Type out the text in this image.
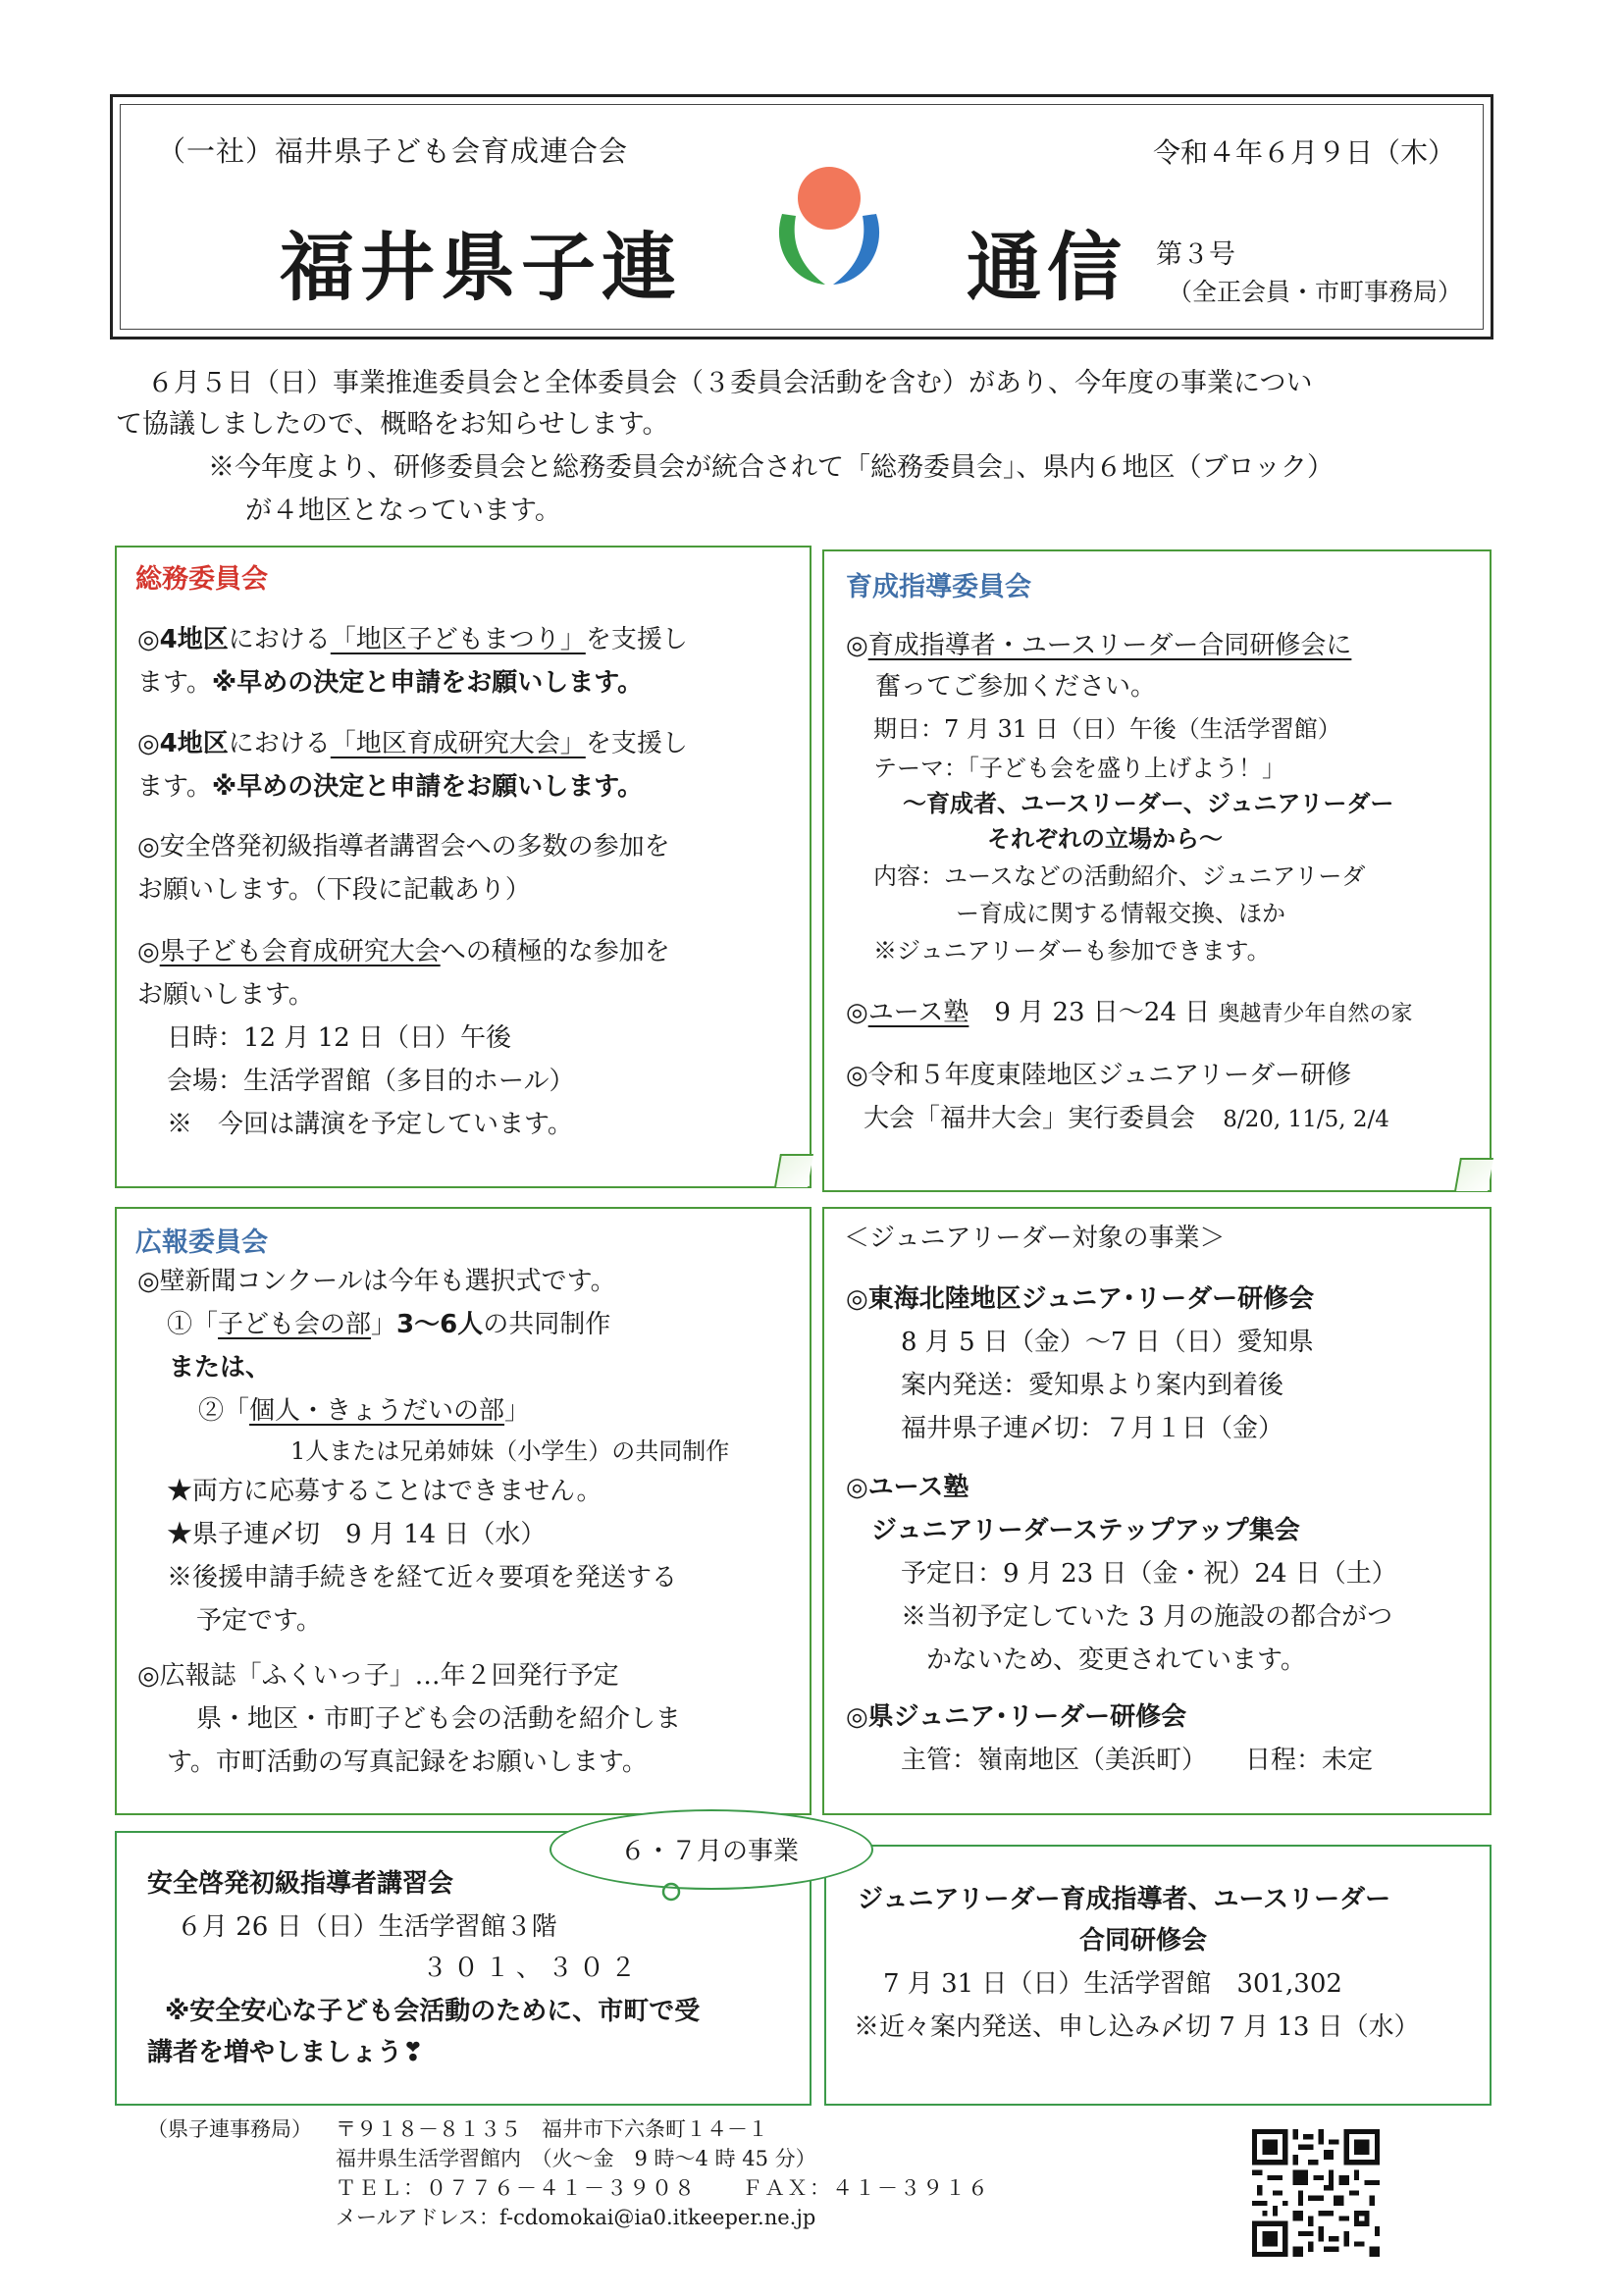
（一社）福井県子ども会育成連合会	令和４年６月９日（木）
福井県子連	通信 第３号
（全正会員・市町事務局）
６月５日（日）事業推進委員会と全体委員会（３委員会活動を含む）があり、今年度の事業につい
て協議しましたので、概略をお知らせします。
※今年度より、研修委員会と総務委員会が統合されて「総務委員会」、県内６地区（ブロック）
が４地区となっています。
総務委員会
◎4地区における「地区子どもまつり」を支援し
ます。※早めの決定と申請をお願いします。
◎4地区における「地区育成研究大会」を支援し
ます。※早めの決定と申請をお願いします。
◎安全啓発初級指導者講習会への多数の参加を
お願いします。（下段に記載あり）
◎県子ども会育成研究大会への積極的な参加を
お願いします。
日時：12 月 12 日（日）午後
会場：生活学習館（多目的ホール）
※　今回は講演を予定しています。
育成指導委員会
◎育成指導者・ユースリーダー合同研修会に
奮ってご参加ください。
期日：7 月 31 日（日）午後（生活学習館）
テーマ：「子ども会を盛り上げよう！」
～育成者、ユースリーダー、ジュニアリーダー
それぞれの立場から～
内容：ユースなどの活動紹介、ジュニアリーダ
ー育成に関する情報交換、ほか
※ジュニアリーダーも参加できます。
◎ユース塾　9 月 23 日～24 日 奥越青少年自然の家
◎令和５年度東陸地区ジュニアリーダー研修
大会「福井大会」実行委員会 8/20, 11/5, 2/4
広報委員会
◎壁新聞コンクールは今年も選択式です。
①「子ども会の部」3～6人の共同制作
または、
②「個人・きょうだいの部」
1人または兄弟姉妹（小学生）の共同制作
★両方に応募することはできません。
★県子連〆切　9 月 14 日（水）
※後援申請手続きを経て近々要項を発送する
予定です。
◎広報誌「ふくいっ子」…年２回発行予定
県・地区・市町子ども会の活動を紹介しま
す。市町活動の写真記録をお願いします。
＜ジュニアリーダー対象の事業＞
◎東海北陸地区ジュニア･リーダー研修会
8 月 5 日（金）～7 日（日）愛知県
案内発送：愛知県より案内到着後
福井県子連〆切：７月１日（金）
◎ユース塾
ジュニアリーダーステップアップ集会
予定日：9 月 23 日（金・祝）24 日（土）
※当初予定していた 3 月の施設の都合がつ
かないため、変更されています。
◎県ジュニア･リーダー研修会
主管：嶺南地区（美浜町）　　日程：未定
６・７月の事業
安全啓発初級指導者講習会
６月 26 日（日）生活学習館３階
３０１、３０２
※安全安心な子ども会活動のために、市町で受
講者を増やしましょう❣
ジュニアリーダー育成指導者、ユースリーダー
合同研修会
7 月 31 日（日）生活学習館　301,302
※近々案内発送、申し込み〆切 7 月 13 日（水）
（県子連事務局） 〒９１８－８１３５　福井市下六条町１４－１
福井県生活学習館内　（火～金　9 時～4 時 45 分）
ＴＥＬ：０７７６－４１－３９０８　　ＦＡＸ：４１－３９１６
メールアドレス：f-cdomokai@ia0.itkeeper.ne.jp
